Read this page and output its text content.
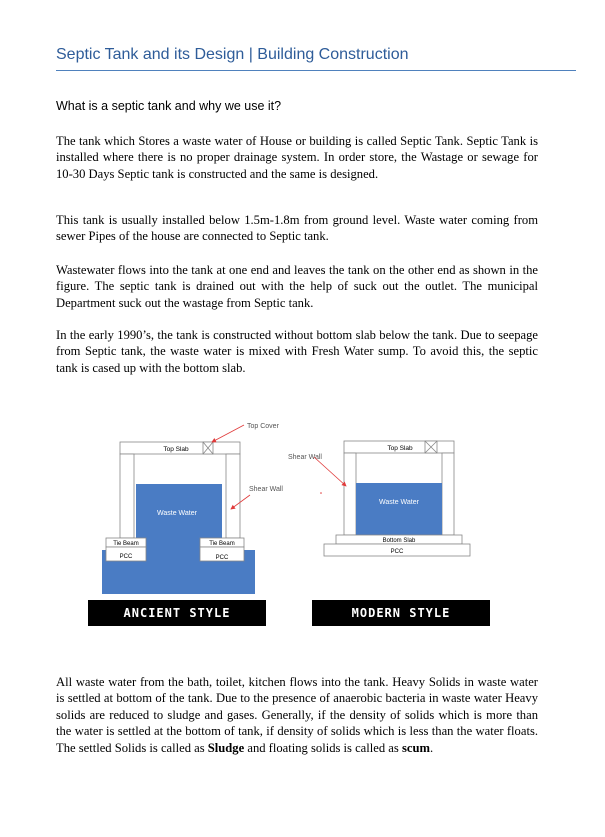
Septic Tank and its Design | Building Construction
What is a septic tank and why we use it?

The tank which Stores a waste water of House or building is called Septic Tank. Septic Tank is installed where there is no proper drainage system. In order store, the Wastage or sewage for 10-30 Days Septic tank is constructed and the same is designed.

This tank is usually installed below 1.5m-1.8m from ground level. Waste water coming from sewer Pipes of the house are connected to Septic tank.

Wastewater flows into the tank at one end and leaves the tank on the other end as shown in the figure. The septic tank is drained out with the help of suck out the outlet. The municipal Department suck out the wastage from Septic tank.

In the early 1990’s, the tank is constructed without bottom slab below the tank. Due to seepage from Septic tank, the waste water is mixed with Fresh Water sump. To avoid this, the septic tank is cased up with the bottom slab.

Top Slab
Waste Water
Tie Beam	Tie Beam
PCC	PCC
Top Slab
Waste Water
Bottom Slab
PCC
Top Cover
Shear Wall
Shear Wall
ANCIENT STYLE	MODERN STYLE

All waste water from the bath, toilet, kitchen flows into the tank. Heavy Solids in waste water is settled at bottom of the tank. Due to the presence of anaerobic bacteria in waste water Heavy solids are reduced to sludge and gases. Generally, if the density of solids which is more than the water is settled at the bottom of tank, if density of solids which is less than the water floats. The settled Solids is called as Sludge and floating solids is called as scum.
